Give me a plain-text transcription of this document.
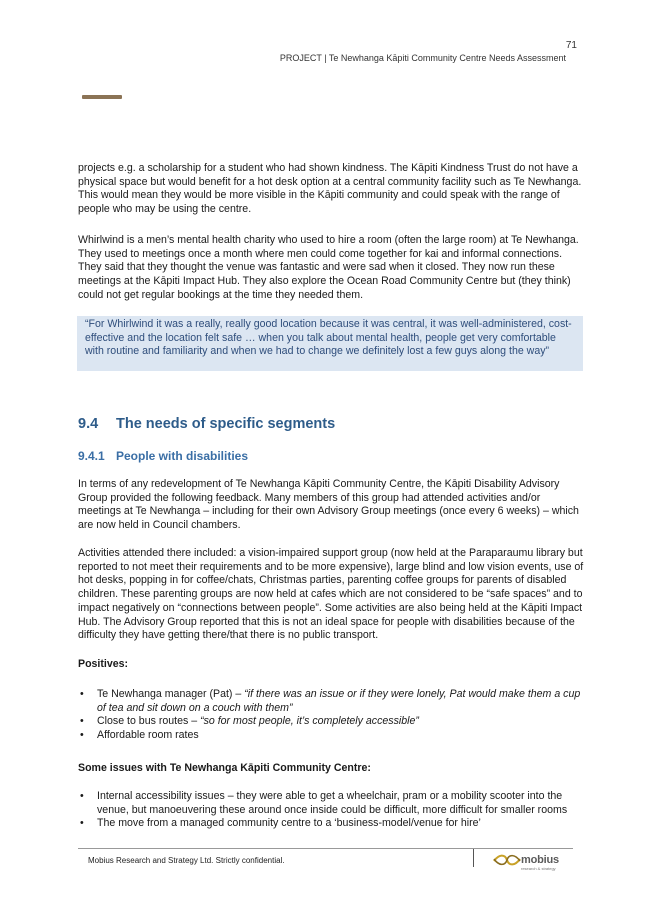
71
PROJECT | Te Newhanga Kāpiti Community Centre Needs Assessment

projects e.g. a scholarship for a student who had shown kindness. The Kāpiti Kindness Trust do not have a physical space but would benefit for a hot desk option at a central community facility such as Te Newhanga. This would mean they would be more visible in the Kāpiti community and could speak with the range of people who may be using the centre.

Whirlwind is a men’s mental health charity who used to hire a room (often the large room) at Te Newhanga. They used to meetings once a month where men could come together for kai and informal connections. They said that they thought the venue was fantastic and were sad when it closed. They now run these meetings at the Kāpiti Impact Hub. They also explore the Ocean Road Community Centre but (they think) could not get regular bookings at the time they needed them.

“For Whirlwind it was a really, really good location because it was central, it was well-administered, cost-effective and the location felt safe … when you talk about mental health, people get very comfortable with routine and familiarity and when we had to change we definitely lost a few guys along the way”
9.4 The needs of specific segments
9.4.1 People with disabilities

In terms of any redevelopment of Te Newhanga Kāpiti Community Centre, the Kāpiti Disability Advisory Group provided the following feedback. Many members of this group had attended activities and/or meetings at Te Newhanga – including for their own Advisory Group meetings (once every 6 weeks) – which are now held in Council chambers.

Activities attended there included: a vision-impaired support group (now held at the Paraparaumu library but reported to not meet their requirements and to be more expensive), large blind and low vision events, use of hot desks, popping in for coffee/chats, Christmas parties, parenting coffee groups for parents of disabled children. These parenting groups are now held at cafes which are not considered to be “safe spaces” and to impact negatively on “connections between people”. Some activities are also being held at the Kāpiti Impact Hub. The Advisory Group reported that this is not an ideal space for people with disabilities because of the difficulty they have getting there/that there is no public transport.

Positives:
• Te Newhanga manager (Pat) – “if there was an issue or if they were lonely, Pat would make them a cup of tea and sit down on a couch with them”
• Close to bus routes – “so for most people, it’s completely accessible”
• Affordable room rates
Some issues with Te Newhanga Kāpiti Community Centre:
• Internal accessibility issues – they were able to get a wheelchair, pram or a mobility scooter into the venue, but manoeuvering these around once inside could be difficult, more difficult for smaller rooms
• The move from a managed community centre to a ‘business-model/venue for hire’
Mobius Research and Strategy Ltd. Strictly confidential.	mobius
research & strategy
